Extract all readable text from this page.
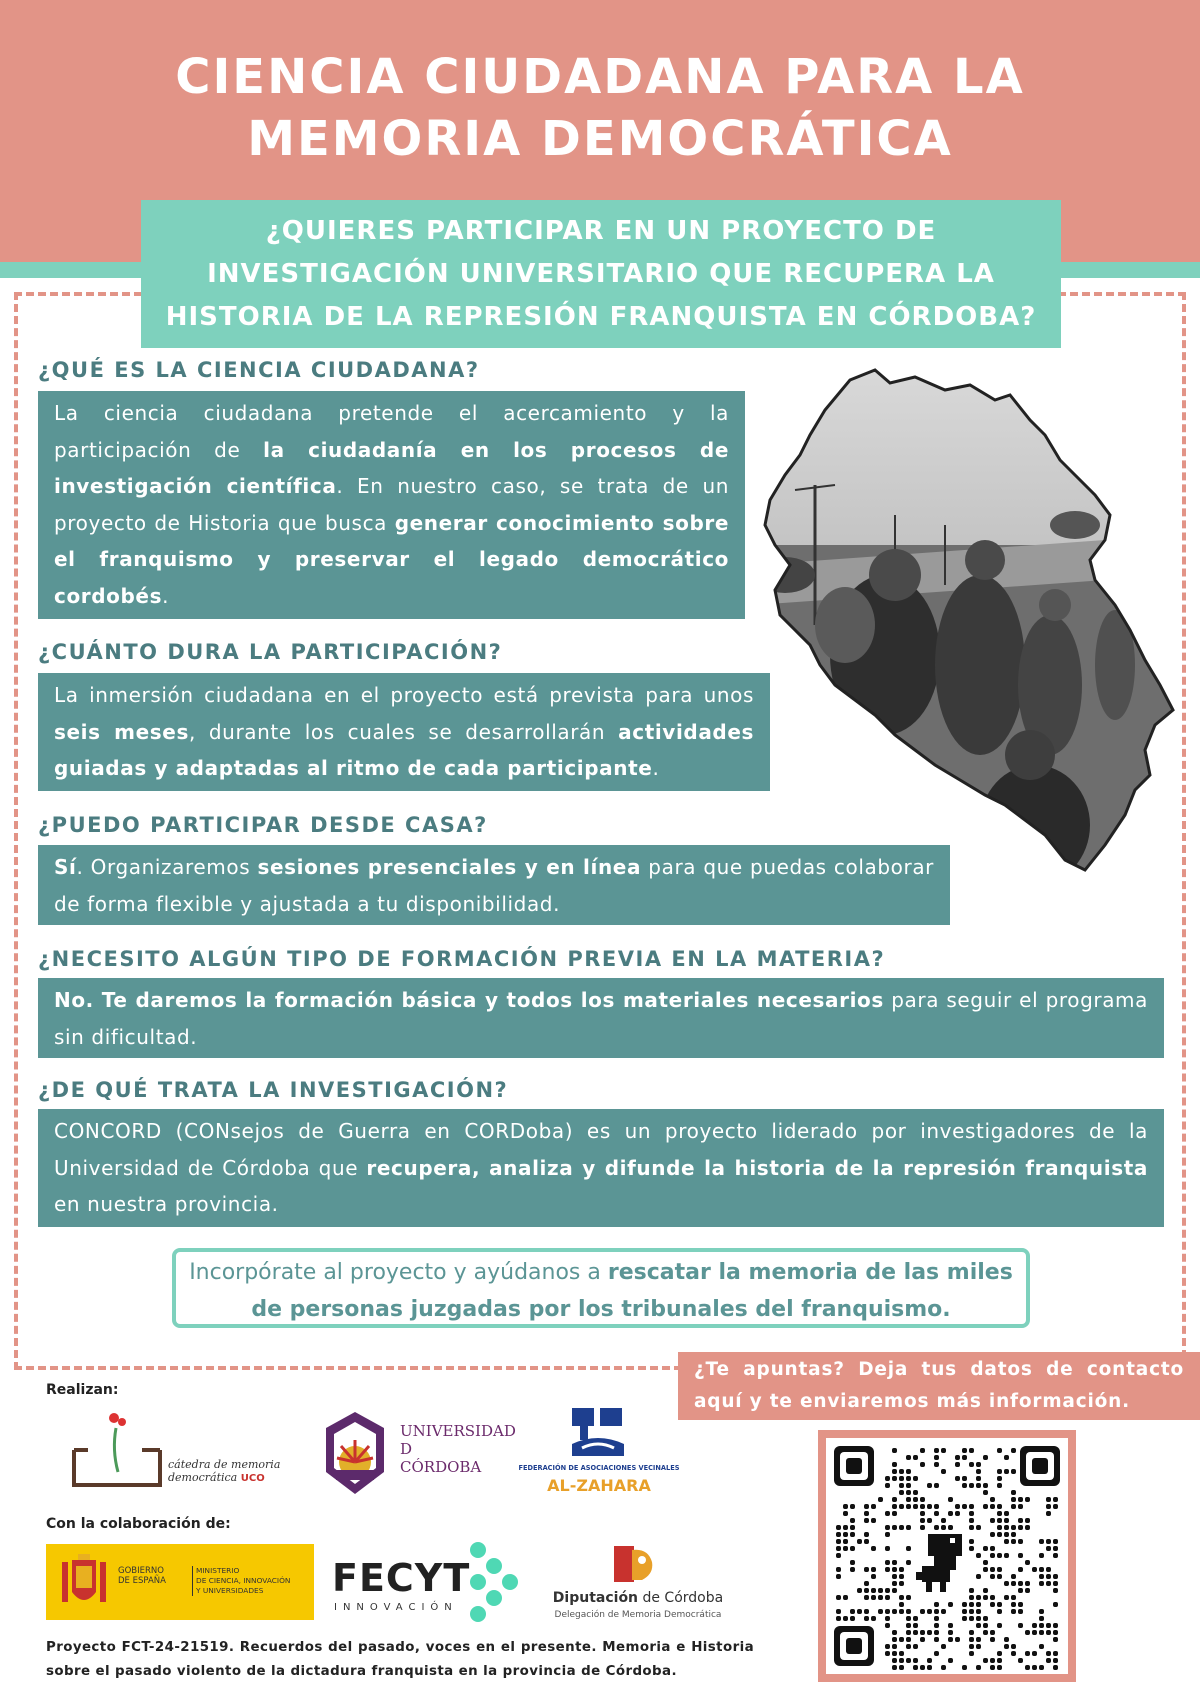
CIENCIA CIUDADANA PARA LA
MEMORIA DEMOCRÁTICA
¿QUIERES PARTICIPAR EN UN PROYECTO DE
INVESTIGACIÓN UNIVERSITARIO QUE RECUPERA LA
HISTORIA DE LA REPRESIÓN FRANQUISTA EN CÓRDOBA?
¿QUÉ ES LA CIENCIA CIUDADANA?
La ciencia ciudadana pretende el acercamiento y la participación de la ciudadanía en los procesos de investigación científica. En nuestro caso, se trata de un proyecto de Historia que busca generar conocimiento sobre el franquismo y preservar el legado democrático cordobés.
¿CUÁNTO DURA LA PARTICIPACIÓN?
La inmersión ciudadana en el proyecto está prevista para unos seis meses, durante los cuales se desarrollarán actividades guiadas y adaptadas al ritmo de cada participante.
¿PUEDO PARTICIPAR DESDE CASA?
Sí. Organizaremos sesiones presenciales y en línea para que puedas colaborar de forma flexible y ajustada a tu disponibilidad.
¿NECESITO ALGÚN TIPO DE FORMACIÓN PREVIA EN LA MATERIA?
No. Te daremos la formación básica y todos los materiales necesarios para seguir el programa sin dificultad.
¿DE QUÉ TRATA LA INVESTIGACIÓN?
CONCORD (CONsejos de Guerra en CORDoba) es un proyecto liderado por investigadores de la Universidad de Córdoba que recupera, analiza y difunde la historia de la represión franquista en nuestra provincia.
Incorpórate al proyecto y ayúdanos a rescatar la memoria de las miles de personas juzgadas por los tribunales del franquismo.
¿Te apuntas? Deja tus datos de contacto aquí y te enviaremos más información.
Realizan:
cátedra de memoria
democrática UCO
UNIVERSIDAD
D
CÓRDOBA	FEDERACIÓN DE ASOCIACIONES VECINALES
AL-ZAHARA
Con la colaboración de:
GOBIERNO
DE ESPAÑA
MINISTERIO
DE CIENCIA, INNOVACIÓN
Y UNIVERSIDADES	FECYT
INNOVACIÓN
Diputación de Córdoba
Delegación de Memoria Democrática
Proyecto FCT-24-21519. Recuerdos del pasado, voces en el presente. Memoria e Historia sobre el pasado violento de la dictadura franquista en la provincia de Córdoba.
